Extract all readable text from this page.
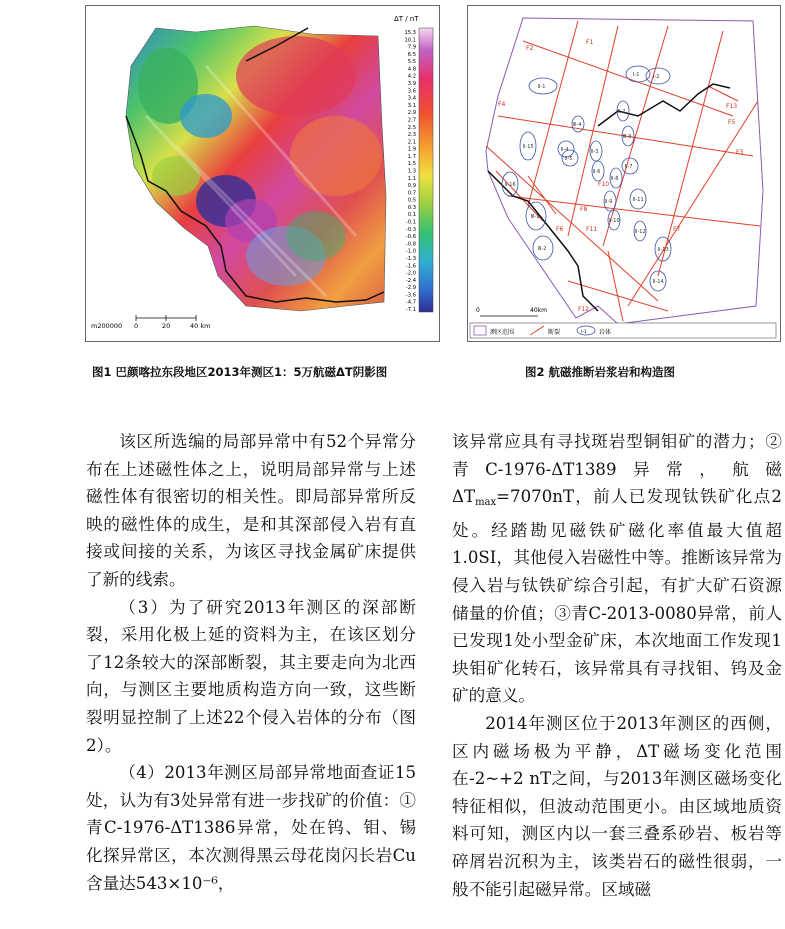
ΔT / nT
15.3
10.1
7.9
6.5
5.5
4.8
4.2
3.9
3.6
3.4
3.1
2.9
2.7
2.5
2.3
2.1
1.9
1.7
1.5
1.3
1.1
0.9
0.7
0.5
0.3
0.1
-0.1
-0.3
-0.6
-0.8
-1.0
-1.3
-1.6
-2.0
-2.4
-2.9
-3.6
-4.7
-7.1
m200000 0	20	40 km
图1 巴颜喀拉东段地区2013年测区1：5万航磁ΔT阴影图
Ⅰ-1	Ⅰ-2
Ⅱ-1
Ⅱ-2
Ⅱ-3
Ⅱ-4
Ⅱ-5
Ⅱ-6
Ⅱ-7
Ⅱ-8
Ⅱ-9
Ⅱ-10
Ⅱ-11
Ⅱ-12
Ⅱ-13
Ⅱ-14
Ⅱ-15
Ⅱ-16
Ⅲ-1
Ⅲ-2
Ⅲ-3
Ⅲ-4
F1
F2
F3
F4
F5
F6	F7
F8
F10
F11
F12
F13
0	40km
测区范围	断裂	Ⅰ-1 岩体
图2 航磁推断岩浆岩和构造图

该区所选编的局部异常中有52个异常分布在上述磁性体之上，说明局部异常与上述磁性体有很密切的相关性。即局部异常所反映的磁性体的成生，是和其深部侵入岩有直接或间接的关系，为该区寻找金属矿床提供了新的线索。

（3）为了研究2013年测区的深部断裂，采用化极上延的资料为主，在该区划分了12条较大的深部断裂，其主要走向为北西向，与测区主要地质构造方向一致，这些断裂明显控制了上述22个侵入岩体的分布（图2）。

（4）2013年测区局部异常地面查证15处，认为有3处异常有进一步找矿的价值：①青C-1976-ΔT1386异常，处在钨、钼、锡化探异常区，本次测得黑云母花岗闪长岩Cu含量达543×10⁻⁶，

该异常应具有寻找斑岩型铜钼矿的潜力；②青C-1976-ΔT1389异常，航磁$\Delta T_{max}=7070nT$，前人已发现钛铁矿化点2处。经踏勘见磁铁矿磁化率值最大值超1.0SI，其他侵入岩磁性中等。推断该异常为侵入岩与钛铁矿综合引起，有扩大矿石资源储量的价值；③青C-2013-0080异常，前人已发现1处小型金矿床，本次地面工作发现1块钼矿化转石，该异常具有寻找钼、钨及金矿的意义。

2014年测区位于2013年测区的西侧，区内磁场极为平静，ΔT磁场变化范围在-2~+2 nT之间，与2013年测区磁场变化特征相似，但波动范围更小。由区域地质资料可知，测区内以一套三叠系砂岩、板岩等碎屑岩沉积为主，该类岩石的磁性很弱，一般不能引起磁异常。区域磁
